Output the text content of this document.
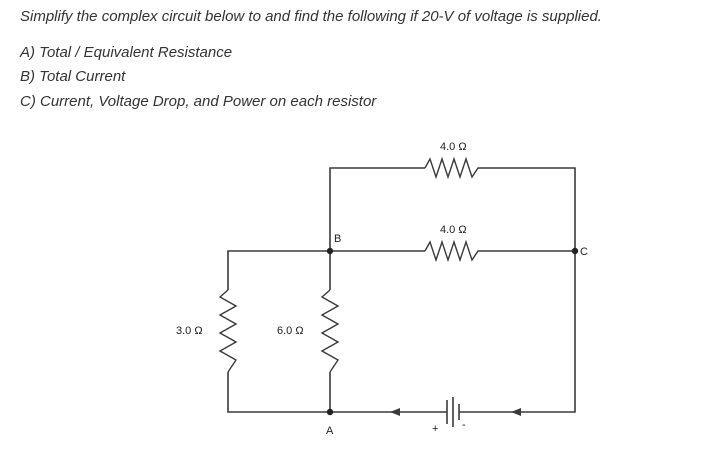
Simplify the complex circuit below to and find the following if 20-V of voltage is supplied.
A) Total / Equivalent Resistance
B) Total Current
C) Current, Voltage Drop, and Power on each resistor
+ -
4.0 Ω
4.0 Ω
3.0 Ω	6.0 Ω
B
A
C
